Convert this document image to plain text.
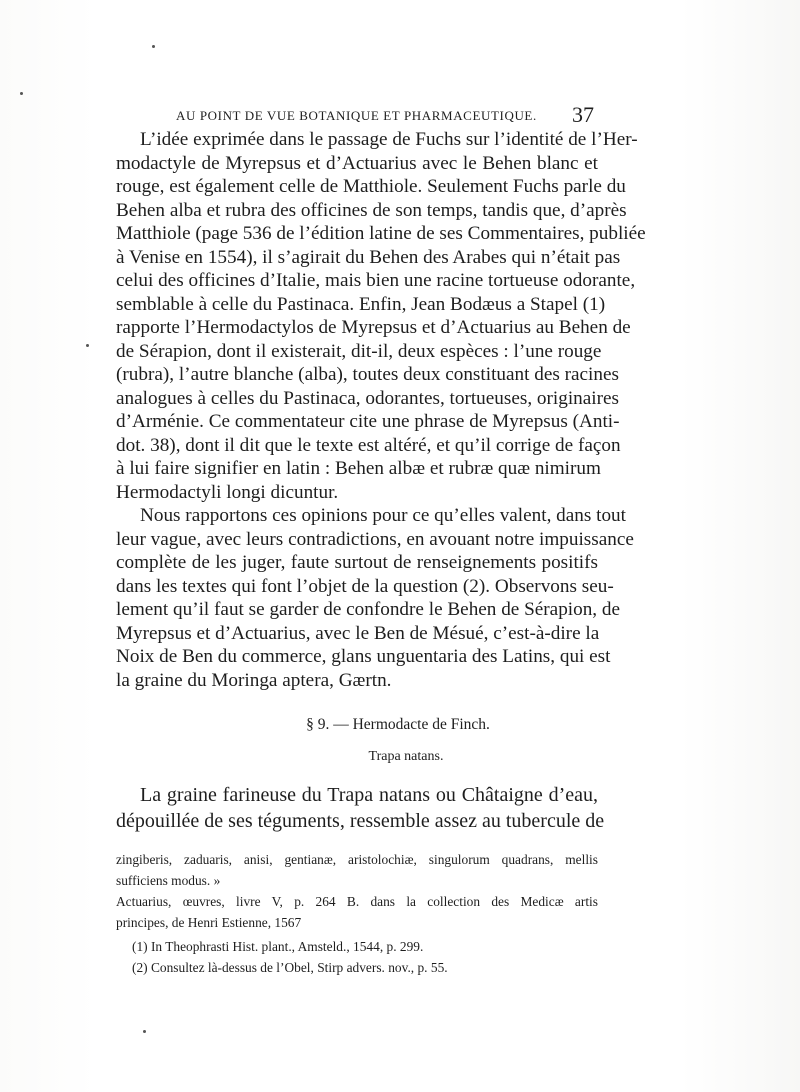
AU POINT DE VUE BOTANIQUE ET PHARMACEUTIQUE. 37
L’idée exprimée dans le passage de Fuchs sur l’identité de l’Her-
modactyle de Myrepsus et d’Actuarius avec le Behen blanc et
rouge, est également celle de Matthiole. Seulement Fuchs parle du
Behen alba et rubra des officines de son temps, tandis que, d’après
Matthiole (page 536 de l’édition latine de ses Commentaires, publiée
à Venise en 1554), il s’agirait du Behen des Arabes qui n’était pas
celui des officines d’Italie, mais bien une racine tortueuse odorante,
semblable à celle du Pastinaca. Enfin, Jean Bodæus a Stapel (1)
rapporte l’Hermodactylos de Myrepsus et d’Actuarius au Behen de
de Sérapion, dont il existerait, dit-il, deux espèces : l’une rouge
(rubra), l’autre blanche (alba), toutes deux constituant des racines
analogues à celles du Pastinaca, odorantes, tortueuses, originaires
d’Arménie. Ce commentateur cite une phrase de Myrepsus (Anti-
dot. 38), dont il dit que le texte est altéré, et qu’il corrige de façon
à lui faire signifier en latin : Behen albæ et rubræ quæ nimirum
Hermodactyli longi dicuntur.
Nous rapportons ces opinions pour ce qu’elles valent, dans tout
leur vague, avec leurs contradictions, en avouant notre impuissance
complète de les juger, faute surtout de renseignements positifs
dans les textes qui font l’objet de la question (2). Observons seu-
lement qu’il faut se garder de confondre le Behen de Sérapion, de
Myrepsus et d’Actuarius, avec le Ben de Mésué, c’est-à-dire la
Noix de Ben du commerce, glans unguentaria des Latins, qui est
la graine du Moringa aptera, Gærtn.
§ 9. — Hermodacte de Finch.
Trapa natans.
La graine farineuse du Trapa natans ou Châtaigne d’eau,
dépouillée de ses téguments, ressemble assez au tubercule de
zingiberis, zaduaris, anisi, gentianæ, aristolochiæ, singulorum quadrans, mellis
sufficiens modus. »
Actuarius, œuvres, livre V, p. 264 B. dans la collection des Medicæ artis
principes, de Henri Estienne, 1567
(1) In Theophrasti Hist. plant., Amsteld., 1544, p. 299.
(2) Consultez là-dessus de l’Obel, Stirp advers. nov., p. 55.
